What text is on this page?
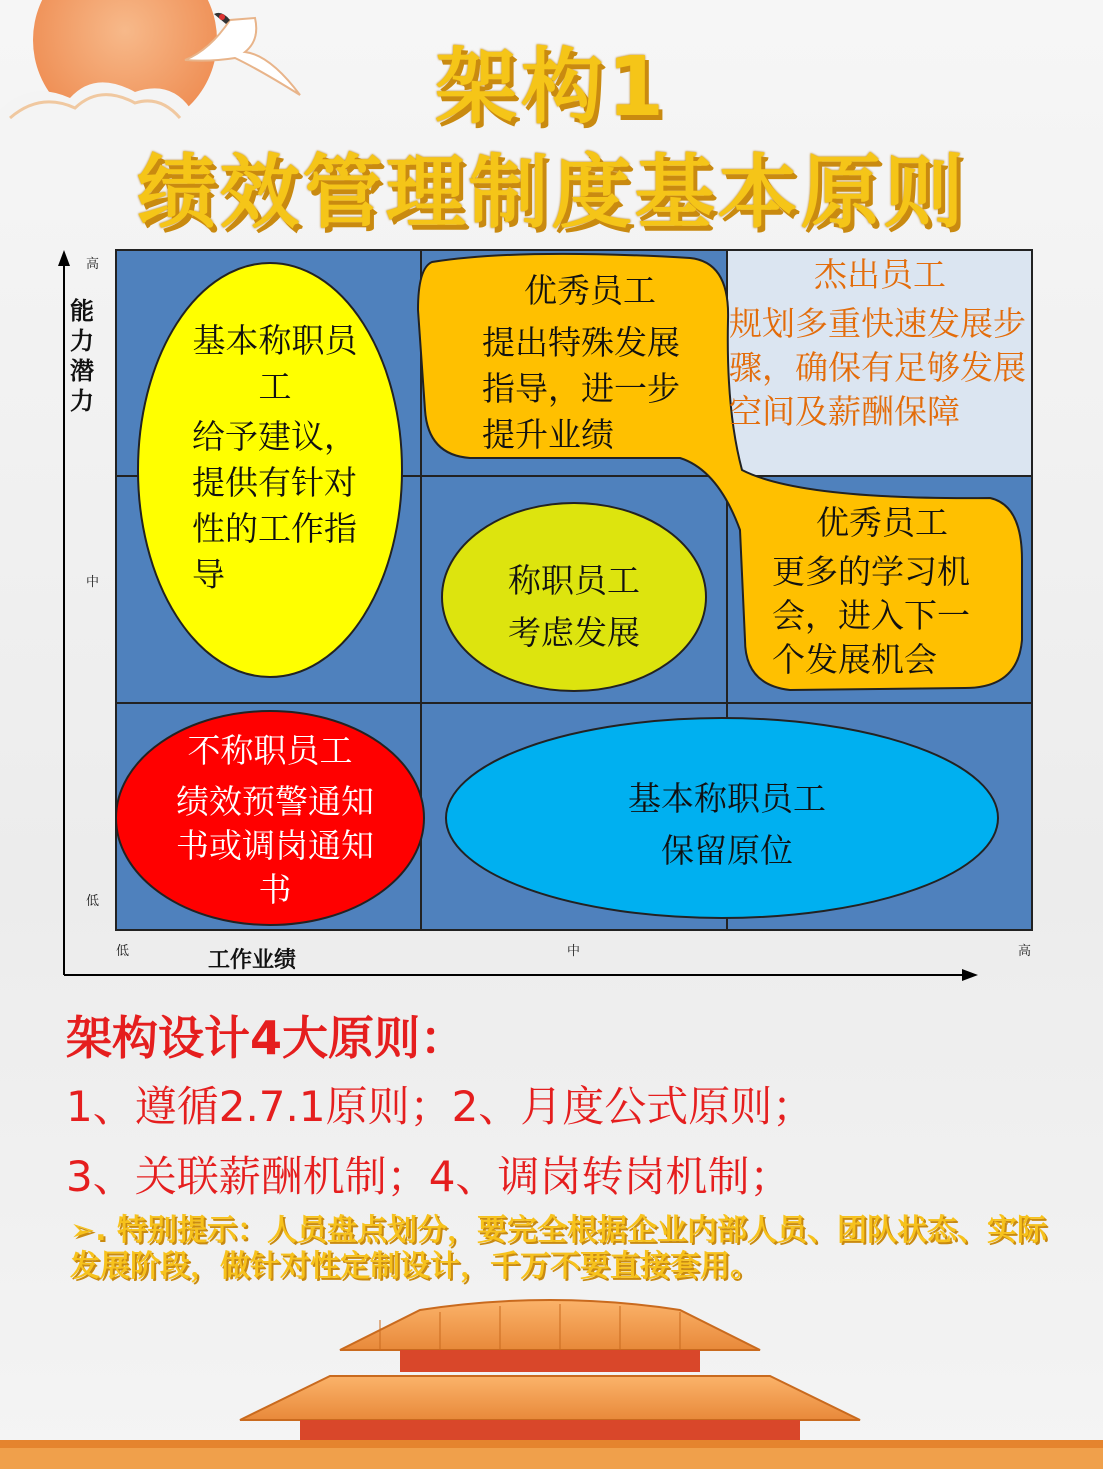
架构1
绩效管理制度基本原则
能力潜力
高
中
低
低	中	高
工作业绩
基本称职员工
给予建议，提供有针对性的工作指导
优秀员工
提出特殊发展指导，进一步提升业绩
杰出员工
规划多重快速发展步骤，确保有足够发展空间及薪酬保障
优秀员工
更多的学习机会，进入下一个发展机会
称职员工
考虑发展
不称职员工
绩效预警通知书或调岗通知书
基本称职员工
保留原位
架构设计4大原则：
1、遵循2.7.1原则；2、月度公式原则；
3、关联薪酬机制；4、调岗转岗机制；
➢. 特别提示：人员盘点划分，要完全根据企业内部人员、团队状态、实际发展阶段，做针对性定制设计，千万不要直接套用。
